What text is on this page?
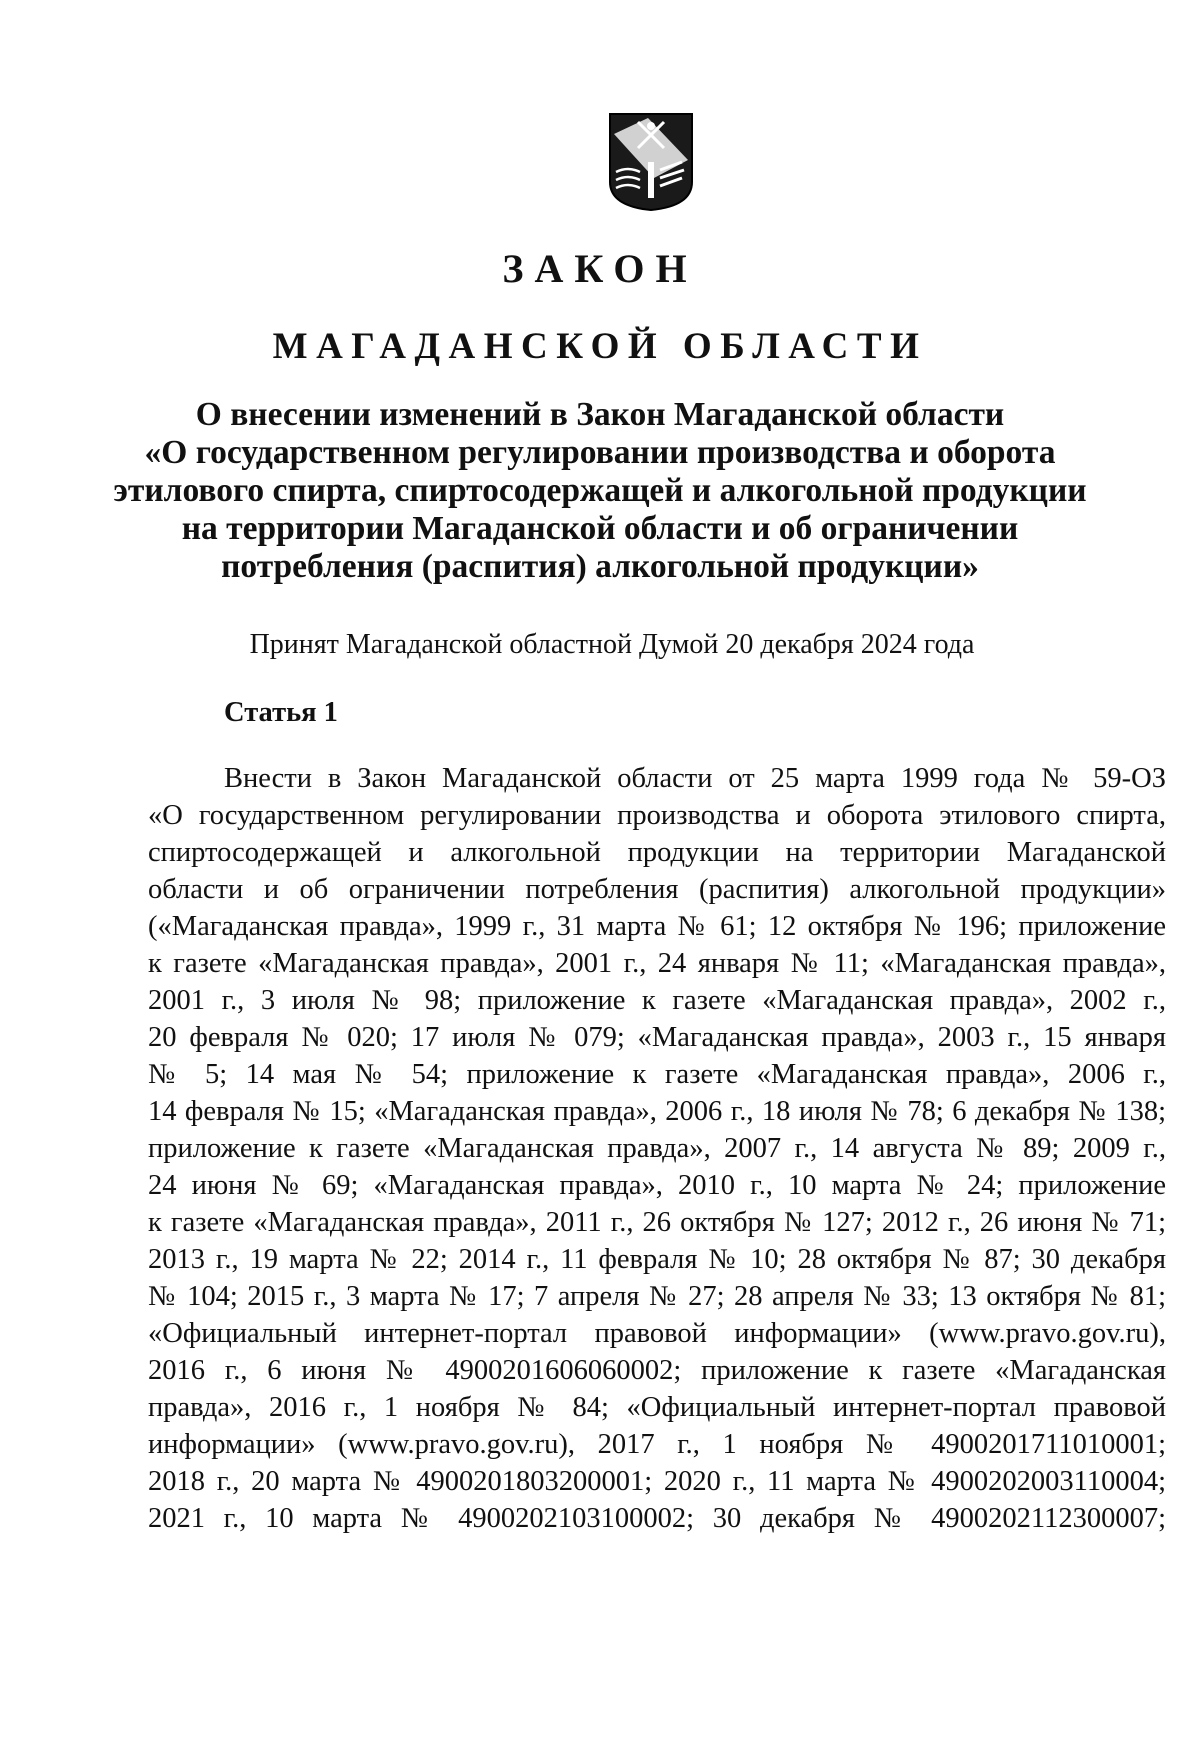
ЗАКОН
МАГАДАНСКОЙ ОБЛАСТИ
О внесении изменений в Закон Магаданской области
«О государственном регулировании производства и оборота
этилового спирта, спиртосодержащей и алкогольной продукции
на территории Магаданской области и об ограничении
потребления (распития) алкогольной продукции»
Принят Магаданской областной Думой 20 декабря 2024 года
Статья 1
Внести в Закон Магаданской области от 25 марта 1999 года № 59-ОЗ
«О государственном регулировании производства и оборота этилового спирта,
спиртосодержащей и алкогольной продукции на территории Магаданской
области и об ограничении потребления (распития) алкогольной продукции»
(«Магаданская правда», 1999 г., 31 марта № 61; 12 октября № 196; приложение
к газете «Магаданская правда», 2001 г., 24 января № 11; «Магаданская правда»,
2001 г., 3 июля № 98; приложение к газете «Магаданская правда», 2002 г.,
20 февраля № 020; 17 июля № 079; «Магаданская правда», 2003 г., 15 января
№ 5; 14 мая № 54; приложение к газете «Магаданская правда», 2006 г.,
14 февраля № 15; «Магаданская правда», 2006 г., 18 июля № 78; 6 декабря № 138;
приложение к газете «Магаданская правда», 2007 г., 14 августа № 89; 2009 г.,
24 июня № 69; «Магаданская правда», 2010 г., 10 марта № 24; приложение
к газете «Магаданская правда», 2011 г., 26 октября № 127; 2012 г., 26 июня № 71;
2013 г., 19 марта № 22; 2014 г., 11 февраля № 10; 28 октября № 87; 30 декабря
№ 104; 2015 г., 3 марта № 17; 7 апреля № 27; 28 апреля № 33; 13 октября № 81;
«Официальный интернет-портал правовой информации» (www.pravo.gov.ru),
2016 г., 6 июня № 4900201606060002; приложение к газете «Магаданская
правда», 2016 г., 1 ноября № 84; «Официальный интернет-портал правовой
информации» (www.pravo.gov.ru), 2017 г., 1 ноября № 4900201711010001;
2018 г., 20 марта № 4900201803200001; 2020 г., 11 марта № 4900202003110004;
2021 г., 10 марта № 4900202103100002; 30 декабря № 4900202112300007;
